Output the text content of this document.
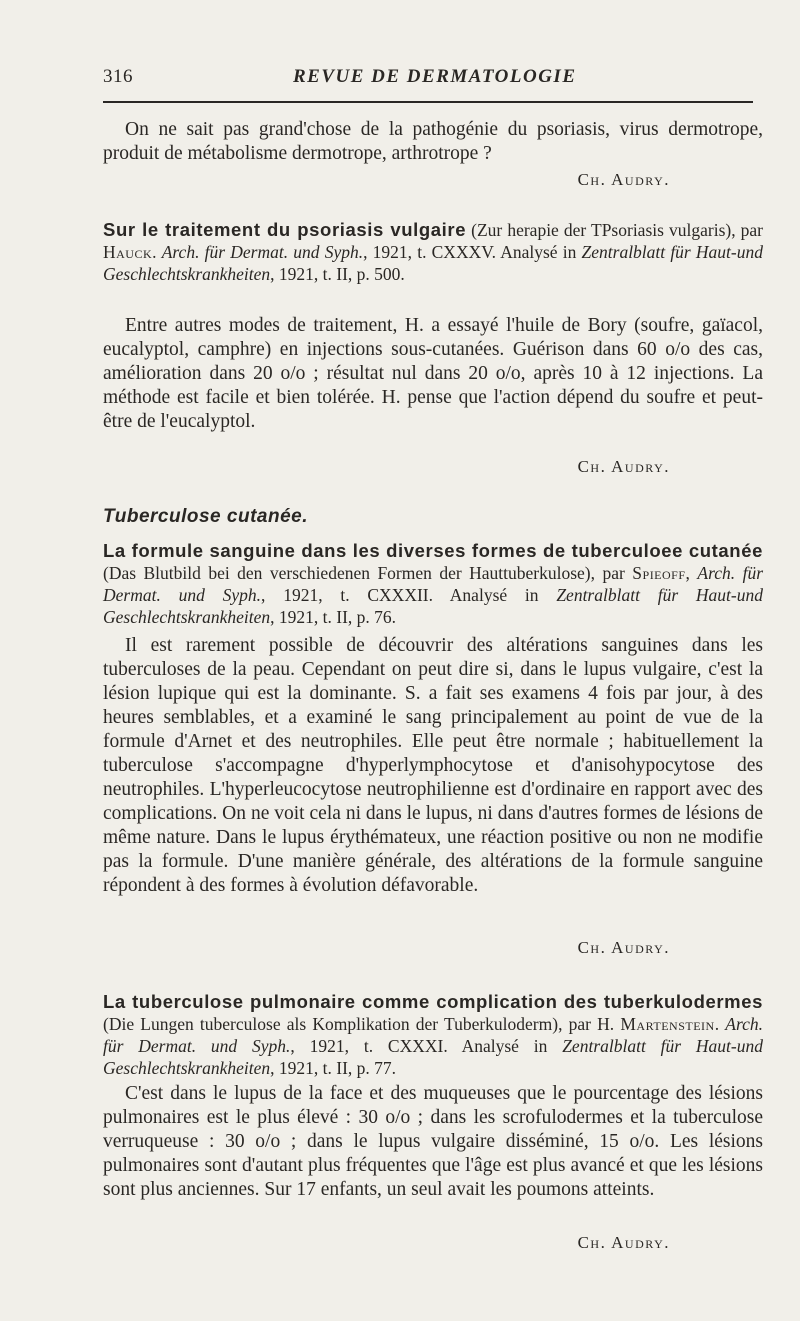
316	REVUE DE DERMATOLOGIE
On ne sait pas grand'chose de la pathogénie du psoriasis, virus dermotrope, produit de métabolisme dermotrope, arthrotrope ?
Ch. Audry.
Sur le traitement du psoriasis vulgaire (Zur herapie der TPsoriasis vulgaris), par Hauck. Arch. für Dermat. und Syph., 1921, t. CXXXV. Analysé in Zentralblatt für Haut-und Geschlechtskrankheiten, 1921, t. II, p. 500.
Entre autres modes de traitement, H. a essayé l'huile de Bory (soufre, gaïacol, eucalyptol, camphre) en injections sous-cutanées. Guérison dans 60 o/o des cas, amélioration dans 20 o/o ; résultat nul dans 20 o/o, après 10 à 12 injections. La méthode est facile et bien tolérée. H. pense que l'action dépend du soufre et peut-être de l'eucalyptol.
Ch. Audry.
Tuberculose cutanée.
La formule sanguine dans les diverses formes de tuberculoee cutanée (Das Blutbild bei den verschiedenen Formen der Hauttuberkulose), par Spieoff, Arch. für Dermat. und Syph., 1921, t. CXXXII. Analysé in Zentralblatt für Haut-und Geschlechtskrankheiten, 1921, t. II, p. 76.
Il est rarement possible de découvrir des altérations sanguines dans les tuberculoses de la peau. Cependant on peut dire si, dans le lupus vulgaire, c'est la lésion lupique qui est la dominante. S. a fait ses examens 4 fois par jour, à des heures semblables, et a examiné le sang principalement au point de vue de la formule d'Arnet et des neutrophiles. Elle peut être normale ; habituellement la tuberculose s'accompagne d'hyperlymphocytose et d'anisohypocytose des neutrophiles. L'hyperleucocytose neutrophilienne est d'ordinaire en rapport avec des complications. On ne voit cela ni dans le lupus, ni dans d'autres formes de lésions de même nature. Dans le lupus érythémateux, une réaction positive ou non ne modifie pas la formule. D'une manière générale, des altérations de la formule sanguine répondent à des formes à évolution défavorable.
Ch. Audry.
La tuberculose pulmonaire comme complication des tuberkulodermes (Die Lungen tuberculose als Komplikation der Tuberkuloderm), par H. Martenstein. Arch. für Dermat. und Syph., 1921, t. CXXXI. Analysé in Zentralblatt für Haut-und Geschlechtskrankheiten, 1921, t. II, p. 77.
C'est dans le lupus de la face et des muqueuses que le pourcentage des lésions pulmonaires est le plus élevé : 30 o/o ; dans les scrofulodermes et la tuberculose verruqueuse : 30 o/o ; dans le lupus vulgaire disséminé, 15 o/o. Les lésions pulmonaires sont d'autant plus fréquentes que l'âge est plus avancé et que les lésions sont plus anciennes. Sur 17 enfants, un seul avait les poumons atteints.
Ch. Audry.
